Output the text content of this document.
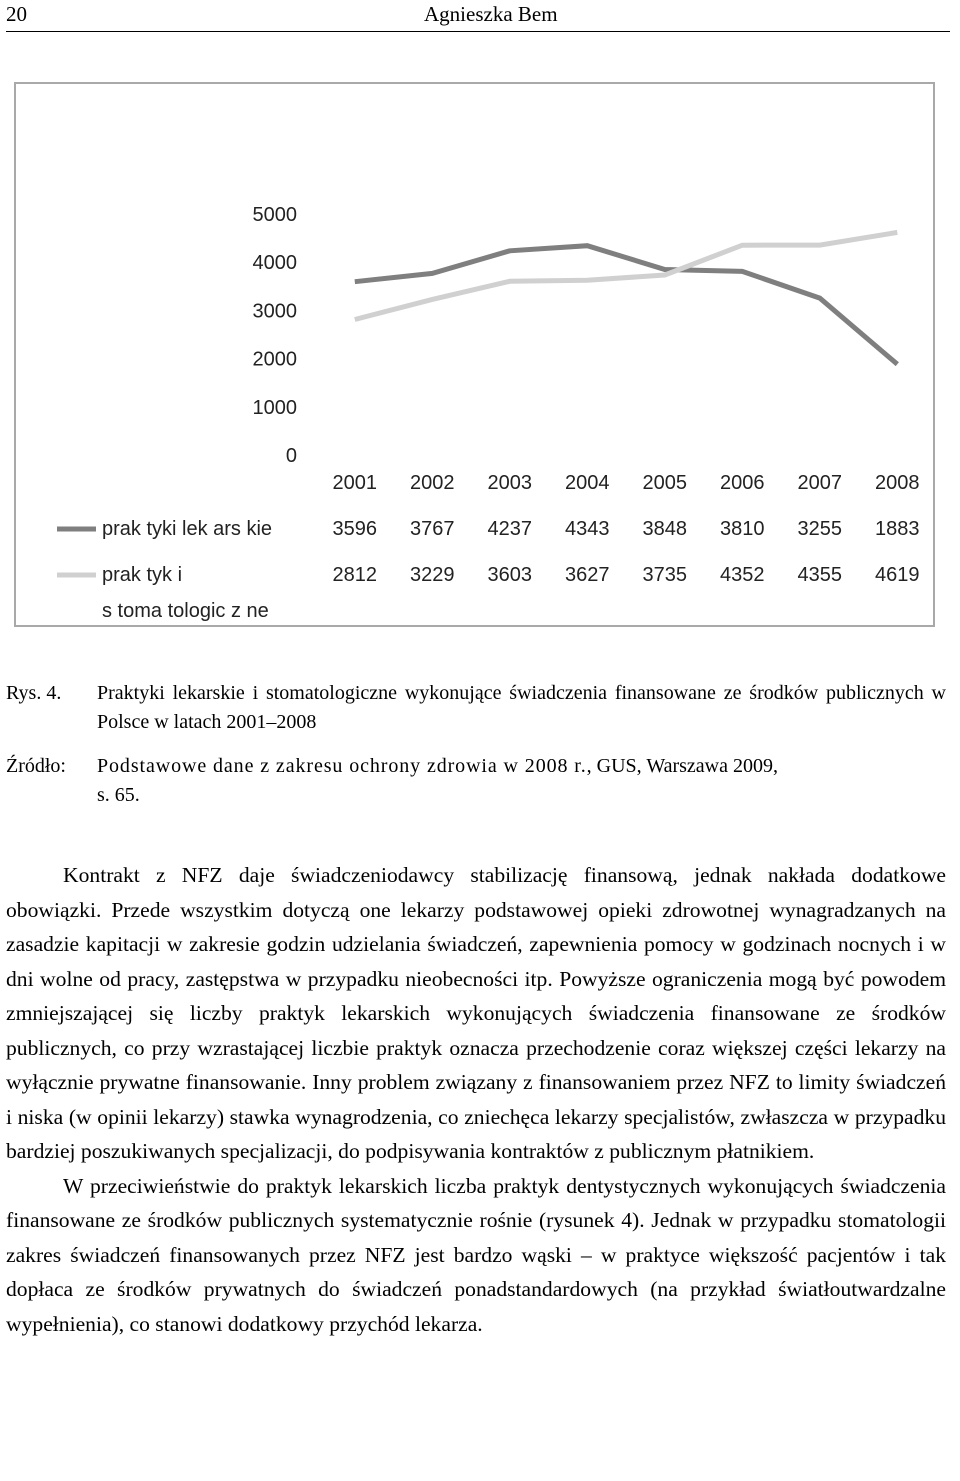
20	Agnieszka Bem
5000
4000
3000
2000
1000
0
2001 2002 2003 2004 2005 2006 2007 2008
prak tyki lek ars kie	3596 3767 4237 4343 3848 3810 3255 1883
prak tyk i
s toma tologic z ne
2812 3229 3603 3627 3735 4352 4355 4619
Rys. 4. Praktyki lekarskie i stomatologiczne wykonujące świadczenia finansowane ze środków publicznych w Polsce w latach 2001–2008
Źródło: Podstawowe dane z zakresu ochrony zdrowia w 2008 r., GUS, Warszawa 2009,
s. 65.

Kontrakt z NFZ daje świadczeniodawcy stabilizację finansową, jednak nakłada dodatkowe obowiązki. Przede wszystkim dotyczą one lekarzy podstawowej opieki zdrowotnej wynagradzanych na zasadzie kapitacji w zakresie godzin udzielania świadczeń, zapewnienia pomocy w godzinach nocnych i w dni wolne od pracy, zastępstwa w przypadku nieobecności itp. Powyższe ograniczenia mogą być powodem zmniejszającej się liczby praktyk lekarskich wykonujących świadczenia finansowane ze środków publicznych, co przy wzrastającej liczbie praktyk oznacza przechodzenie coraz większej części lekarzy na wyłącznie prywatne finansowanie. Inny problem związany z finansowaniem przez NFZ to limity świadczeń i niska (w opinii lekarzy) stawka wynagrodzenia, co zniechęca lekarzy specjalistów, zwłaszcza w przypadku bardziej poszukiwanych specjalizacji, do podpisywania kontraktów z publicznym płatnikiem.

W przeciwieństwie do praktyk lekarskich liczba praktyk dentystycznych wykonujących świadczenia finansowane ze środków publicznych systematycznie rośnie (rysunek 4). Jednak w przypadku stomatologii zakres świadczeń finansowanych przez NFZ jest bardzo wąski – w praktyce większość pacjentów i tak dopłaca ze środków prywatnych do świadczeń ponadstandardowych (na przykład światłoutwardzalne wypełnienia), co stanowi dodatkowy przychód lekarza.
